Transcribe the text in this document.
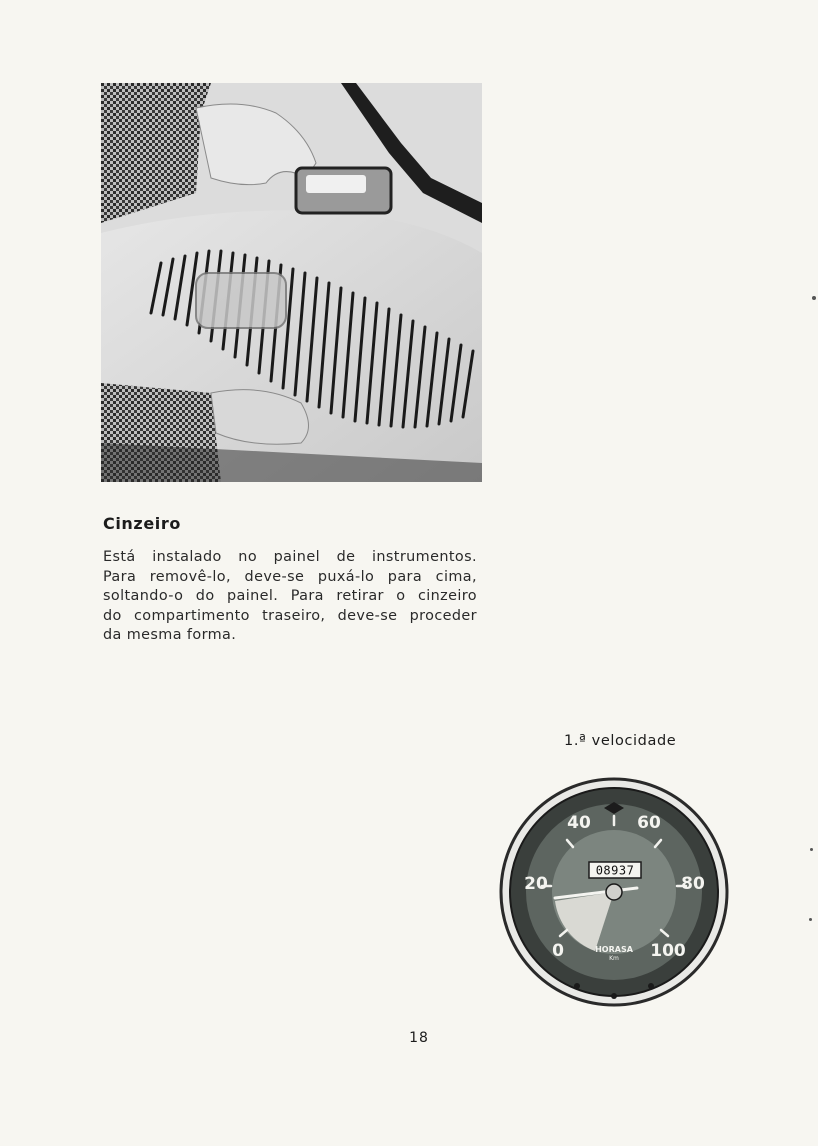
Cinzeiro
Está instalado no painel de instrumentos.
Para removê-lo, deve-se puxá-lo para cima,
soltando-o do painel. Para retirar o cinzeiro
do compartimento traseiro, deve-se proceder
da mesma forma.
1.ª velocidade
0
20
40	60
80
100
08937
HORASA
Km
18
